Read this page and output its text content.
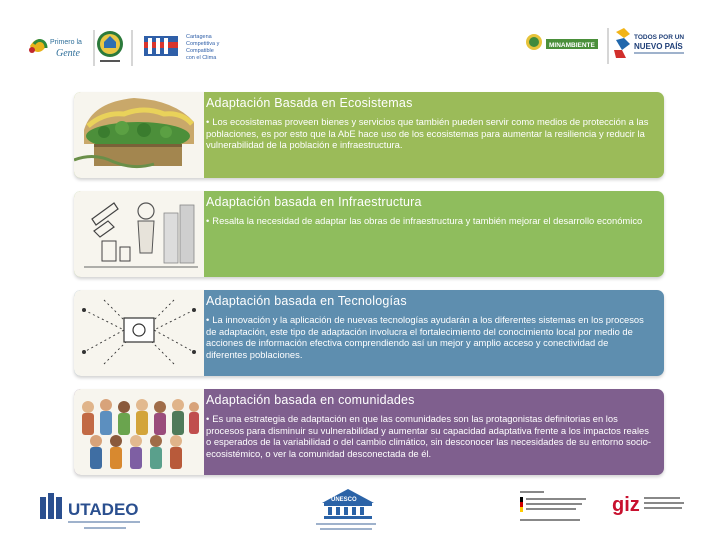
Primero la
Gente
Cartagena
Competitiva y
Compatible
con el Clima
MINAMBIENTE
TODOS POR UN
NUEVO PAÍS
Adaptación Basada en Ecosistemas
• Los ecosistemas proveen bienes y servicios que también pueden servir como medios de protección a las poblaciones, es por esto que la AbE hace uso de los ecosistemas para aumentar la resiliencia y reducir la vulnerabilidad de la población e infraestructura.
Adaptación basada en Infraestructura
• Resalta la necesidad de adaptar las obras de infraestructura y también mejorar el desarrollo económico
Adaptación basada en Tecnologías
• La innovación y la aplicación de nuevas tecnologías ayudarán a los diferentes sistemas en los procesos de adaptación, este tipo de adaptación involucra el fortalecimiento del conocimiento local por medio de acciones de información efectiva comprendiendo así un mejor y amplio acceso y conectividad de diferentes poblaciones.
Adaptación basada en comunidades
• Es una estrategia de adaptación en que las comunidades son las protagonistas definitorias en los procesos para disminuir su vulnerabilidad y aumentar su capacidad adaptativa frente a los impactos reales o esperados de la variabilidad o del cambio climático, sin desconocer las necesidades de su entorno socio-ecosistémico, o ver la comunidad desconectada de él.
UTADEO	UNESCO	giz
